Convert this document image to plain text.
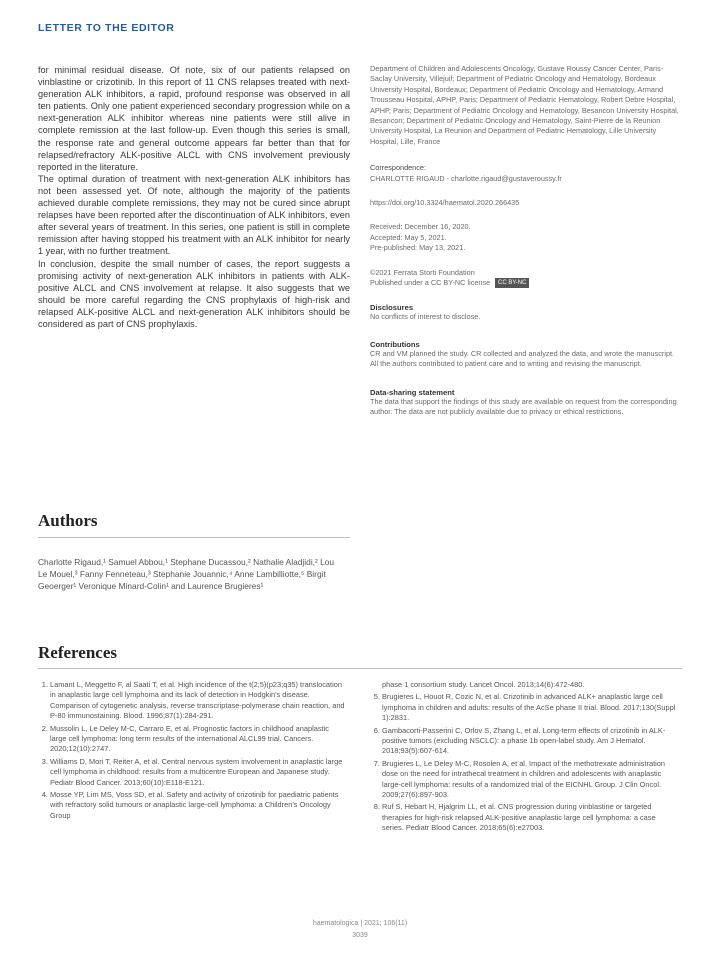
LETTER TO THE EDITOR

for minimal residual disease. Of note, six of our patients relapsed on vinblastine or crizotinib. In this report of 11 CNS relapses treated with next-generation ALK inhibitors, a rapid, profound response was observed in all ten patients. Only one patient experienced secondary progression while on a next-generation ALK inhibitor whereas nine patients were still alive in complete remission at the last follow-up. Even though this series is small, the response rate and general outcome appears far better than that for relapsed/refractory ALK-positive ALCL with CNS involvement previously reported in the literature.

The optimal duration of treatment with next-generation ALK inhibitors has not been assessed yet. Of note, although the majority of the patients achieved durable complete remissions, they may not be cured since abrupt relapses have been reported after the discontinuation of ALK inhibitors, even after several years of treatment. In this series, one patient is still in complete remission after having stopped his treatment with an ALK inhibitor for nearly 1 year, with no further treatment.

In conclusion, despite the small number of cases, the report suggests a promising activity of next-generation ALK inhibitors in patients with ALK-positive ALCL and CNS involvement at relapse. It also suggests that we should be more careful regarding the CNS prophylaxis of high-risk and relapsed ALK-positive ALCL and next-generation ALK inhibitors should be considered as part of CNS prophylaxis.

Department of Children and Adolescents Oncology, Gustave Roussy Cancer Center, Paris-Saclay University, Villejuif; Department of Pediatric Oncology and Hematology, Bordeaux University Hospital, Bordeaux; Department of Pediatric Oncology and Hematology, Armand Trousseau Hospital, APHP, Paris; Department of Pediatric Hematology, Robert Debre Hospital, APHP, Paris; Department of Pediatric Oncology and Hematology, Besancon University Hospital, Besancon; Department of Pediatric Oncology and Hematology, Saint-Pierre de la Reunion University Hospital, La Reunion and Department of Pediatric Hematology, Lille University Hospital, Lille, France

Correspondence:
CHARLOTTE RIGAUD - charlotte.rigaud@gustaveroussy.fr
https://doi.org/10.3324/haematol.2020.266435
Received: December 16, 2020.
Accepted: May 5, 2021.
Pre-published: May 13, 2021.
©2021 Ferrata Storti Foundation
Published under a CC BY-NC license CC BY-NC
Disclosures
No conflicts of interest to disclose.
Contributions
CR and VM planned the study. CR collected and analyzed the data, and wrote the manuscript. All the authors contributed to patient care and to writing and revising the manuscript.
Data-sharing statement
The data that support the findings of this study are available on request from the corresponding author. The data are not publicly available due to privacy or ethical restrictions.
Authors
Charlotte Rigaud,¹ Samuel Abbou,¹ Stephane Ducassou,² Nathalie Aladjidi,² Lou Le Mouel,³ Fanny Fenneteau,³ Stephanie Jouannic,⁴ Anne Lambilliotte,⁵ Birgit Geoerger¹ Veronique Minard-Colin¹ and Laurence Brugieres¹
References
1. Lamant L, Meggetto F, al Saati T, et al. High incidence of the t(2;5)(p23;q35) translocation in anaplastic large cell lymphoma and its lack of detection in Hodgkin's disease. Comparison of cytogenetic analysis, reverse transcriptase-polymerase chain reaction, and P-80 immunostaining. Blood. 1996;87(1):284-291.
2. Mussolin L, Le Deley M-C, Carraro E, et al. Prognostic factors in childhood anaplastic large cell lymphoma: long term results of the international ALCL99 trial. Cancers. 2020;12(10):2747.
3. Williams D, Mori T, Reiter A, et al. Central nervous system involvement in anaplastic large cell lymphoma in childhood: results from a multicentre European and Japanese study. Pediatr Blood Cancer. 2013;60(10):E118-E121.
4. Mosse YP, Lim MS, Voss SD, et al. Safety and activity of crizotinib for paediatric patients with refractory solid tumours or anaplastic large-cell lymphoma: a Children's Oncology Group
phase 1 consortium study. Lancet Oncol. 2013;14(6):472-480.
5. Brugieres L, Houot R, Cozic N, et al. Crizotinib in advanced ALK+ anaplastic large cell lymphoma in children and adults: results of the AcSe phase II trial. Blood. 2017;130(Suppl 1):2831.
6. Gambacorti-Passerini C, Orlov S, Zhang L, et al. Long-term effects of crizotinib in ALK-positive tumors (excluding NSCLC): a phase 1b open-label study. Am J Hematol. 2018;93(5):607-614.
7. Brugieres L, Le Deley M-C, Rosolen A, et al. Impact of the methotrexate administration dose on the need for intrathecal treatment in children and adolescents with anaplastic large-cell lymphoma: results of a randomized trial of the EICNHL Group. J Clin Oncol. 2009;27(6):897-903.
8. Ruf S, Hebart H, Hjalgrim LL, et al. CNS progression during vinblastine or targeted therapies for high-risk relapsed ALK-positive anaplastic large cell lymphoma: a case series. Pediatr Blood Cancer. 2018;65(6):e27003.
haematologica | 2021; 106(11)
3039
